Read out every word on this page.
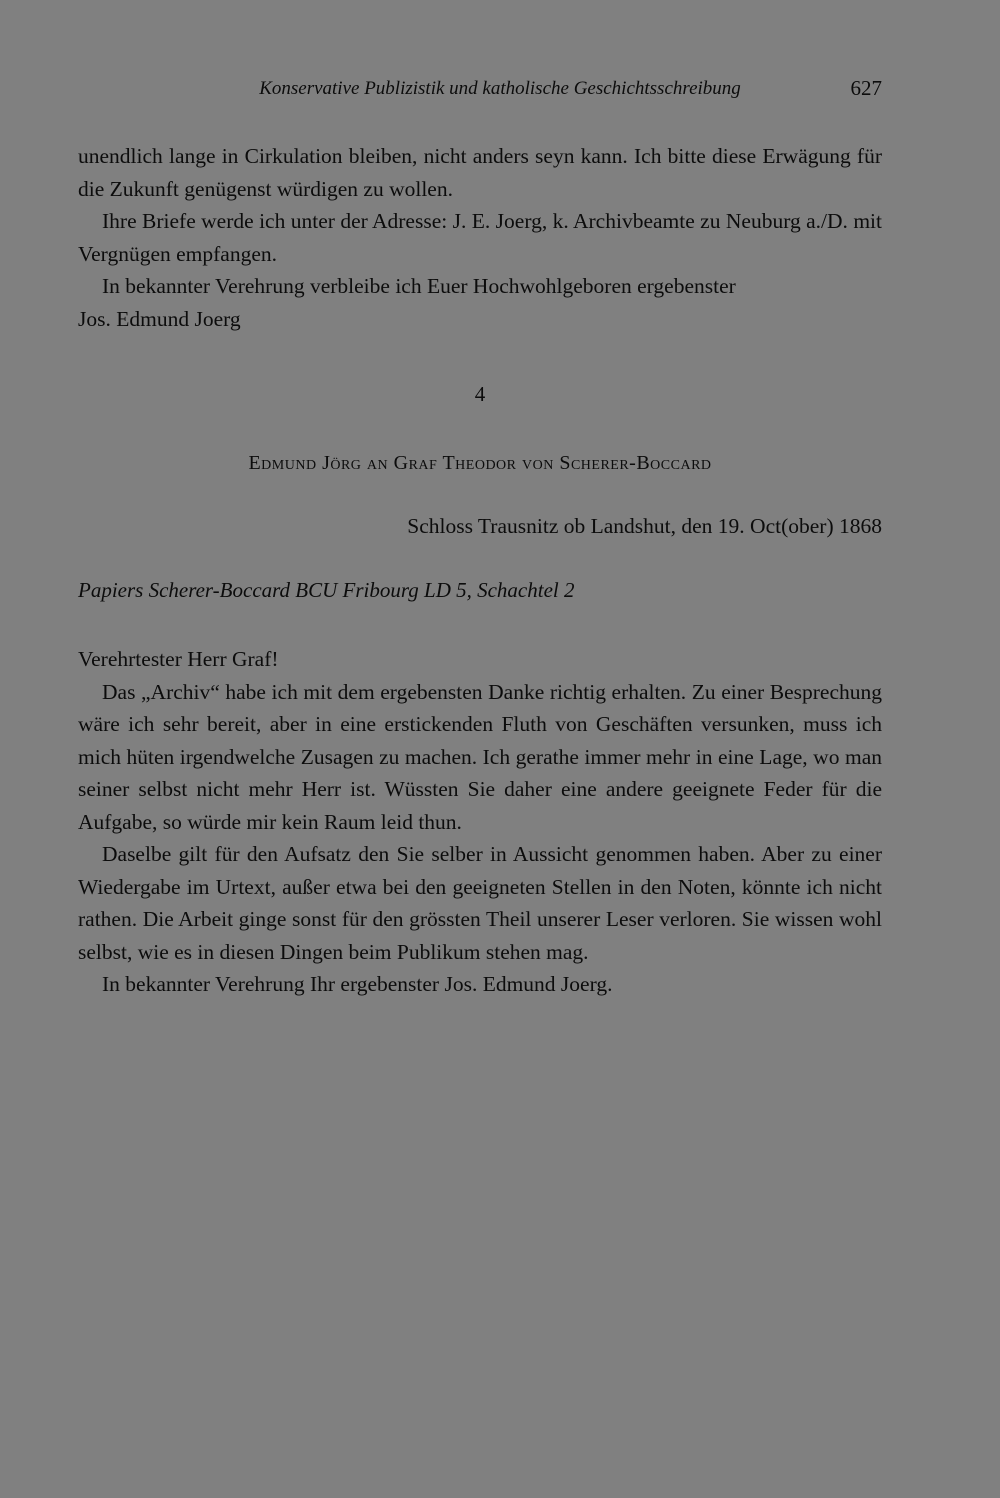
Konservative Publizistik und katholische Geschichtsschreibung	627

unendlich lange in Cirkulation bleiben, nicht anders seyn kann. Ich bitte diese Erwägung für die Zukunft genügenst würdigen zu wollen.

Ihre Briefe werde ich unter der Adresse: J. E. Joerg, k. Archivbeamte zu Neuburg a./D. mit Vergnügen empfangen.

In bekannter Verehrung verbleibe ich Euer Hochwohlgeboren ergebenster

Jos. Edmund Joerg

4
Edmund Jörg an Graf Theodor von Scherer-Boccard
Schloss Trausnitz ob Landshut, den 19. Oct(ober) 1868
Papiers Scherer-Boccard BCU Fribourg LD 5, Schachtel 2

Verehrtester Herr Graf!

Das „Archiv“ habe ich mit dem ergebensten Danke richtig erhalten. Zu einer Besprechung wäre ich sehr bereit, aber in eine erstickenden Fluth von Geschäften versunken, muss ich mich hüten irgendwelche Zusagen zu machen. Ich gerathe immer mehr in eine Lage, wo man seiner selbst nicht mehr Herr ist. Wüssten Sie daher eine andere geeignete Feder für die Aufgabe, so würde mir kein Raum leid thun.

Daselbe gilt für den Aufsatz den Sie selber in Aussicht genommen haben. Aber zu einer Wiedergabe im Urtext, außer etwa bei den geeigneten Stellen in den Noten, könnte ich nicht rathen. Die Arbeit ginge sonst für den grössten Theil unserer Leser verloren. Sie wissen wohl selbst, wie es in diesen Dingen beim Publikum stehen mag.

In bekannter Verehrung Ihr ergebenster Jos. Edmund Joerg.
